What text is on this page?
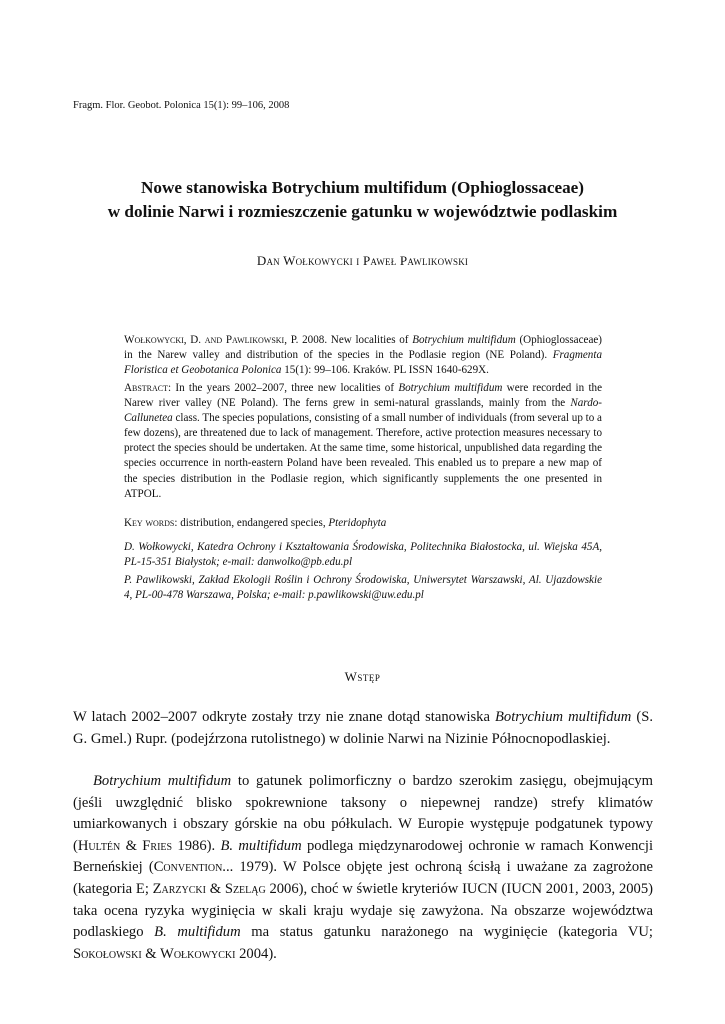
Fragm. Flor. Geobot. Polonica 15(1): 99–106, 2008
Nowe stanowiska Botrychium multifidum (Ophioglossaceae)
w dolinie Narwi i rozmieszczenie gatunku w województwie podlaskim
Dan Wołkowycki i Paweł Pawlikowski
Wołkowycki, D. and Pawlikowski, P. 2008. New localities of Botrychium multifidum (Ophioglossaceae) in the Narew valley and distribution of the species in the Podlasie region (NE Poland). Fragmenta Floristica et Geobotanica Polonica 15(1): 99–106. Kraków. PL ISSN 1640-629X.
Abstract: In the years 2002–2007, three new localities of Botrychium multifidum were recorded in the Narew river valley (NE Poland). The ferns grew in semi-natural grasslands, mainly from the Nardo-Callunetea class. The species populations, consisting of a small number of individuals (from several up to a few dozens), are threatened due to lack of management. Therefore, active protection measures necessary to protect the species should be undertaken. At the same time, some historical, unpublished data regarding the species occurrence in north-eastern Poland have been revealed. This enabled us to prepare a new map of the species distribution in the Podlasie region, which significantly supplements the one presented in ATPOL.
Key words: distribution, endangered species, Pteridophyta
D. Wołkowycki, Katedra Ochrony i Kształtowania Środowiska, Politechnika Białostocka, ul. Wiejska 45A, PL-15-351 Białystok; e-mail: danwolko@pb.edu.pl
P. Pawlikowski, Zakład Ekologii Roślin i Ochrony Środowiska, Uniwersytet Warszawski, Al. Ujazdowskie 4, PL-00-478 Warszawa, Polska; e-mail: p.pawlikowski@uw.edu.pl
Wstęp
W latach 2002–2007 odkryte zostały trzy nie znane dotąd stanowiska Botrychium multifidum (S. G. Gmel.) Rupr. (podejźrzona rutolistnego) w dolinie Narwi na Nizinie Północnopodlaskiej.
Botrychium multifidum to gatunek polimorficzny o bardzo szerokim zasięgu, obejmującym (jeśli uwzględnić blisko spokrewnione taksony o niepewnej randze) strefy klimatów umiarkowanych i obszary górskie na obu półkulach. W Europie występuje podgatunek typowy (Hultén & Fries 1986). B. multifidum podlega międzynarodowej ochronie w ramach Konwencji Berneńskiej (Convention... 1979). W Polsce objęte jest ochroną ścisłą i uważane za zagrożone (kategoria E; Zarzycki & Szeląg 2006), choć w świetle kryteriów IUCN (IUCN 2001, 2003, 2005) taka ocena ryzyka wyginięcia w skali kraju wydaje się zawyżona. Na obszarze województwa podlaskiego B. multifidum ma status gatunku narażonego na wyginięcie (kategoria VU; Sokołowski & Wołkowycki 2004).
